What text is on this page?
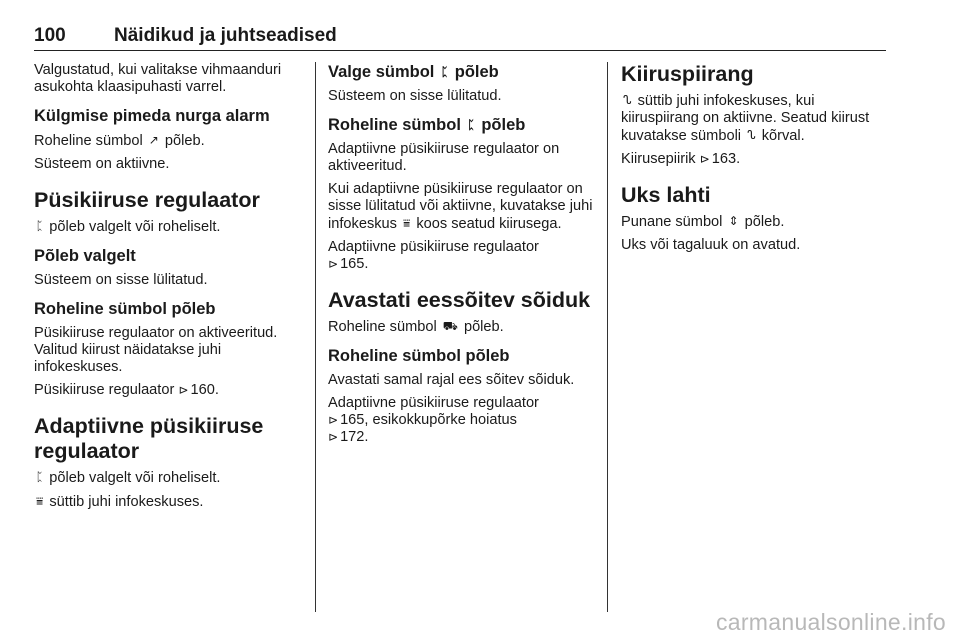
100	Näidikud ja juhtseadised

Valgustatud, kui valitakse vihmaanduri asukohta klaasipuhasti varrel.

Külgmise pimeda nurga alarm

Roheline sümbol ↗ põleb.

Süsteem on aktiivne.

Püsikiiruse regulaator

ᛈ põleb valgelt või roheliselt.

Põleb valgelt

Süsteem on sisse lülitatud.

Roheline sümbol põleb

Püsikiiruse regulaator on aktiveeritud. Valitud kiirust näidatakse juhi infokeskuses.

Püsikiiruse regulaator ⊳ 160.

Adaptiivne püsikiiruse regulaator

ᛈ põleb valgelt või roheliselt.

⩸ süttib juhi infokeskuses.

Valge sümbol ᛈ põleb

Süsteem on sisse lülitatud.

Roheline sümbol ᛈ põleb

Adaptiivne püsikiiruse regulaator on aktiveeritud.

Kui adaptiivne püsikiiruse regulaator on sisse lülitatud või aktiivne, kuvatakse juhi infokeskus ⩸ koos seatud kiirusega.

Adaptiivne püsikiiruse regulaator
⊳ 165.

Avastati eessõitev sõiduk

Roheline sümbol ⛟ põleb.

Roheline sümbol põleb

Avastati samal rajal ees sõitev sõiduk.

Adaptiivne püsikiiruse regulaator
⊳ 165, esikokkupõrke hoiatus
⊳ 172.

Kiiruspiirang

ᔐ süttib juhi infokeskuses, kui kiiruspiirang on aktiivne. Seatud kiirust kuvatakse sümboli ᔐ kõrval.

Kiirusepiirik ⊳ 163.

Uks lahti

Punane sümbol ⇕ põleb.

Uks või tagaluuk on avatud.

carmanualsonline.info
